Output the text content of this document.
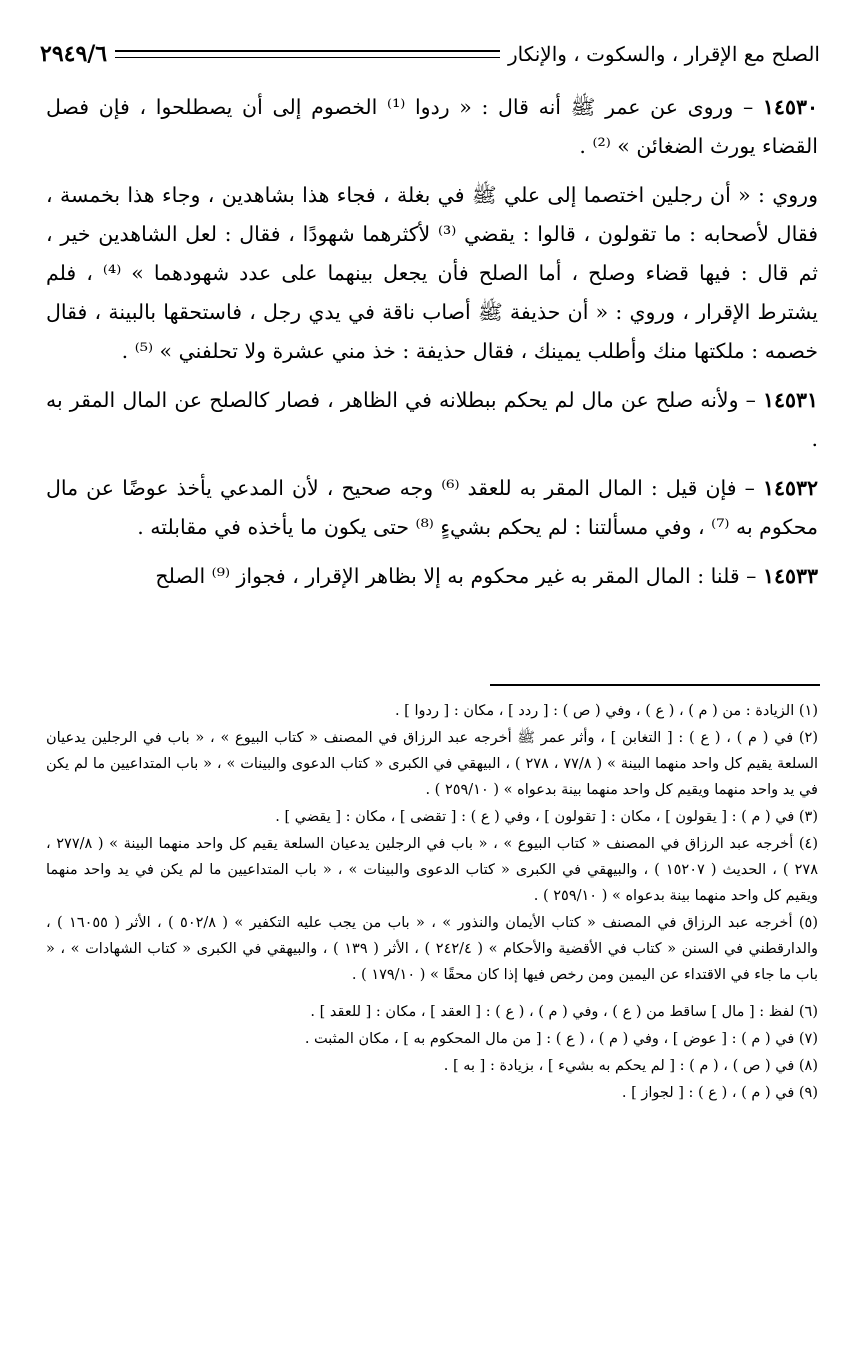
الصلح مع الإقرار ، والسكوت ، والإنكار
٢٩٤٩/٦

١٤٥٣٠ – وروى عن عمر ﷺ أنه قال : « ردوا ⁽¹⁾ الخصوم إلى أن يصطلحوا ، فإن فصل القضاء يورث الضغائن » ⁽²⁾ .

وروي : « أن رجلين اختصما إلى علي ﷺ في بغلة ، فجاء هذا بشاهدين ، وجاء هذا بخمسة ، فقال لأصحابه : ما تقولون ، قالوا : يقضي ⁽³⁾ لأكثرهما شهودًا ، فقال : لعل الشاهدين خير ، ثم قال : فيها قضاء وصلح ، أما الصلح فأن يجعل بينهما على عدد شهودهما » ⁽⁴⁾ ، فلم يشترط الإقرار ، وروي : « أن حذيفة ﷺ أصاب ناقة في يدي رجل ، فاستحقها بالبينة ، فقال خصمه : ملكتها منك وأطلب يمينك ، فقال حذيفة : خذ مني عشرة ولا تحلفني » ⁽⁵⁾ .

١٤٥٣١ – ولأنه صلح عن مال لم يحكم ببطلانه في الظاهر ، فصار كالصلح عن المال المقر به .

١٤٥٣٢ – فإن قيل : المال المقر به للعقد ⁽⁶⁾ وجه صحيح ، لأن المدعي يأخذ عوضًا عن مال محكوم به ⁽⁷⁾ ، وفي مسألتنا : لم يحكم بشيءٍ ⁽⁸⁾ حتى يكون ما يأخذه في مقابلته .

١٤٥٣٣ – قلنا : المال المقر به غير محكوم به إلا بظاهر الإقرار ، فجواز ⁽⁹⁾ الصلح

(١) الزيادة : من ( م ) ، ( ع ) ، وفي ( ص ) : [ ردد ] ، مكان : [ ردوا ] .

(٢) في ( م ) ، ( ع ) : [ التغابن ] ، وأثر عمر ﷺ أخرجه عبد الرزاق في المصنف « كتاب البيوع » ، « باب في الرجلين يدعيان السلعة يقيم كل واحد منهما البينة » ( ٧٧/٨ ، ٢٧٨ ) ، البيهقي في الكبرى « كتاب الدعوى والبينات » ، « باب المتداعيين ما لم يكن في يد واحد منهما ويقيم كل واحد منهما بينة بدعواه » ( ٢٥٩/١٠ ) .

(٣) في ( م ) : [ يقولون ] ، مكان : [ تقولون ] ، وفي ( ع ) : [ تقضى ] ، مكان : [ يقضي ] .

(٤) أخرجه عبد الرزاق في المصنف « كتاب البيوع » ، « باب في الرجلين يدعيان السلعة يقيم كل واحد منهما البينة » ( ٢٧٧/٨ ، ٢٧٨ ) ، الحديث ( ١٥٢٠٧ ) ، والبيهقي في الكبرى « كتاب الدعوى والبينات » ، « باب المتداعيين ما لم يكن في يد واحد منهما ويقيم كل واحد منهما بينة بدعواه » ( ٢٥٩/١٠ ) .

(٥) أخرجه عبد الرزاق في المصنف « كتاب الأيمان والنذور » ، « باب من يجب عليه التكفير » ( ٥٠٢/٨ ) ، الأثر ( ١٦٠٥٥ ) ، والدارقطني في السنن « كتاب في الأقضية والأحكام » ( ٢٤٢/٤ ) ، الأثر ( ١٣٩ ) ، والبيهقي في الكبرى « كتاب الشهادات » ، « باب ما جاء في الاقتداء عن اليمين ومن رخص فيها إذا كان محقًا » ( ١٧٩/١٠ ) .

(٦) لفظ : [ مال ] ساقط من ( ع ) ، وفي ( م ) ، ( ع ) : [ العقد ] ، مكان : [ للعقد ] .

(٧) في ( م ) : [ عوض ] ، وفي ( م ) ، ( ع ) : [ من مال المحكوم به ] ، مكان المثبت .

(٨) في ( ص ) ، ( م ) : [ لم يحكم به بشيء ] ، بزيادة : [ به ] .

(٩) في ( م ) ، ( ع ) : [ لجواز ] .
